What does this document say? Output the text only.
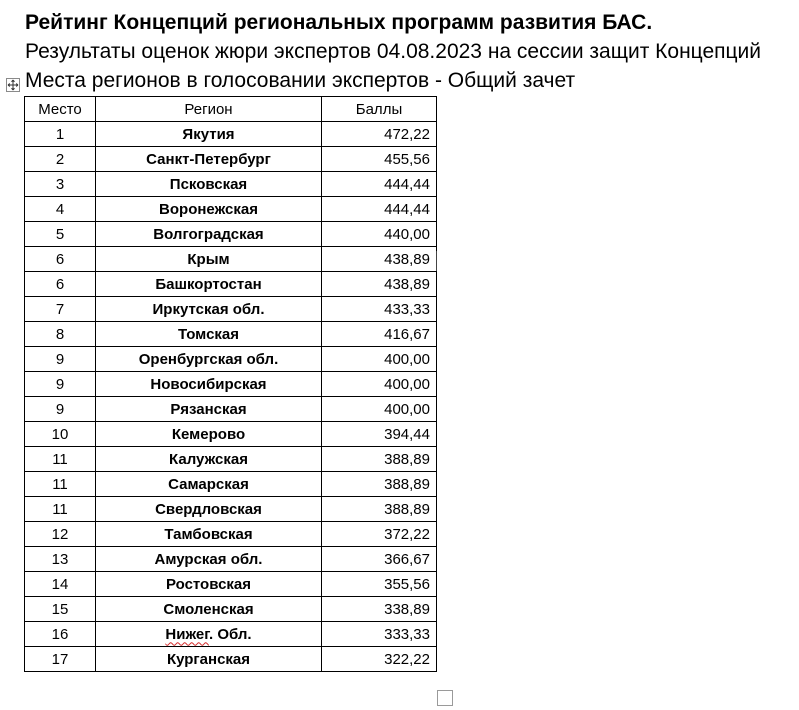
Рейтинг Концепций региональных программ развития БАС.
Результаты оценок жюри экспертов 04.08.2023 на сессии защит Концепций
Места регионов в голосовании экспертов - Общий зачет
Место	Регион	Баллы
1	Якутия	472,22
2	Санкт-Петербург	455,56
3	Псковская	444,44
4	Воронежская	444,44
5	Волгоградская	440,00
6	Крым	438,89
6	Башкортостан	438,89
7	Иркутская обл.	433,33
8	Томская	416,67
9	Оренбургская обл.	400,00
9	Новосибирская	400,00
9	Рязанская	400,00
10	Кемерово	394,44
11	Калужская	388,89
11	Самарская	388,89
11	Свердловская	388,89
12	Тамбовская	372,22
13	Амурская обл.	366,67
14	Ростовская	355,56
15	Смоленская	338,89
16	Нижег. Обл.	333,33
17	Курганская	322,22
